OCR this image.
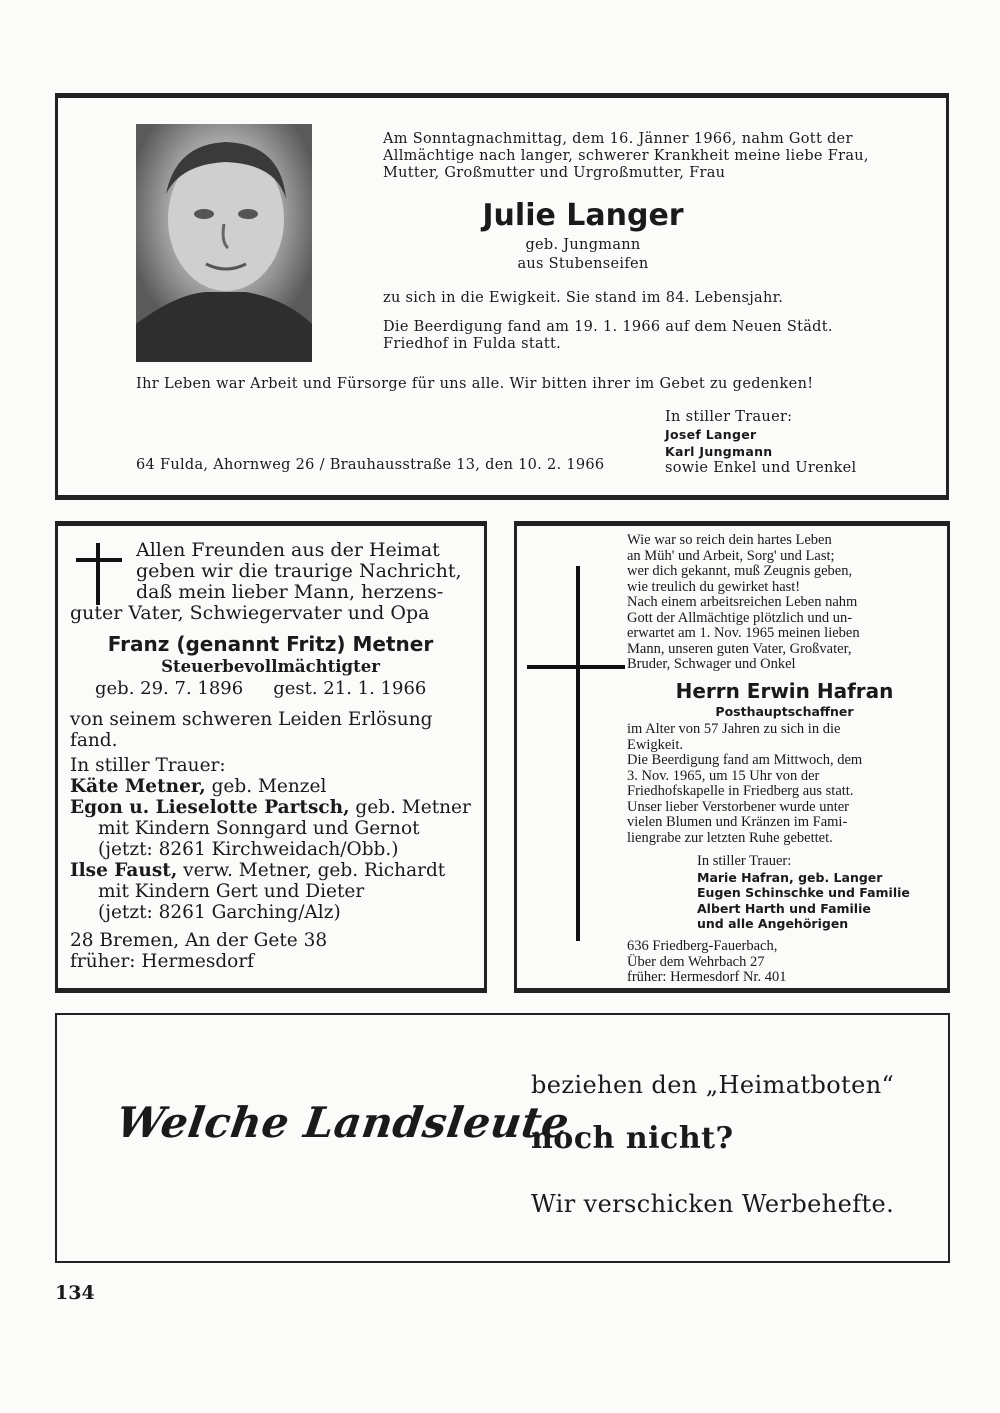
Am Sonntagnachmittag, dem 16. Jänner 1966, nahm Gott der
Allmächtige nach langer, schwerer Krankheit meine liebe Frau,
Mutter, Großmutter und Urgroßmutter, Frau
Julie Langer
geb. Jungmann
aus Stubenseifen
zu sich in die Ewigkeit. Sie stand im 84. Lebensjahr.
Die Beerdigung fand am 19. 1. 1966 auf dem Neuen Städt.
Friedhof in Fulda statt.
Ihr Leben war Arbeit und Fürsorge für uns alle. Wir bitten ihrer im Gebet zu gedenken!
In stiller Trauer:
Josef Langer
Karl Jungmann
sowie Enkel und Urenkel
64 Fulda, Ahornweg 26 / Brauhausstraße 13, den 10. 2. 1966
Allen Freunden aus der Heimat
geben wir die traurige Nachricht,
daß mein lieber Mann, herzens-
guter Vater, Schwiegervater und Opa
Franz (genannt Fritz) Metner
Steuerbevollmächtigter
geb. 29. 7. 1896 gest. 21. 1. 1966
von seinem schweren Leiden Erlösung
fand.
In stiller Trauer:
Käte Metner, geb. Menzel
Egon u. Lieselotte Partsch, geb. Metner
mit Kindern Sonngard und Gernot
(jetzt: 8261 Kirchweidach/Obb.)
Ilse Faust, verw. Metner, geb. Richardt
mit Kindern Gert und Dieter
(jetzt: 8261 Garching/Alz)
28 Bremen, An der Gete 38
früher: Hermesdorf
Wie war so reich dein hartes Leben
an Müh' und Arbeit, Sorg' und Last;
wer dich gekannt, muß Zeugnis geben,
wie treulich du gewirket hast!
Nach einem arbeitsreichen Leben nahm
Gott der Allmächtige plötzlich und un-
erwartet am 1. Nov. 1965 meinen lieben
Mann, unseren guten Vater, Großvater,
Bruder, Schwager und Onkel
Herrn Erwin Hafran
Posthauptschaffner
im Alter von 57 Jahren zu sich in die
Ewigkeit.
Die Beerdigung fand am Mittwoch, dem
3. Nov. 1965, um 15 Uhr von der
Friedhofskapelle in Friedberg aus statt.
Unser lieber Verstorbener wurde unter
vielen Blumen und Kränzen im Fami-
liengrabe zur letzten Ruhe gebettet.
In stiller Trauer:
Marie Hafran, geb. Langer
Eugen Schinschke und Familie
Albert Harth und Familie
und alle Angehörigen
636 Friedberg-Fauerbach,
Über dem Wehrbach 27
früher: Hermesdorf Nr. 401
Welche Landsleute
beziehen den „Heimatboten“
noch nicht?
Wir verschicken Werbehefte.
134
